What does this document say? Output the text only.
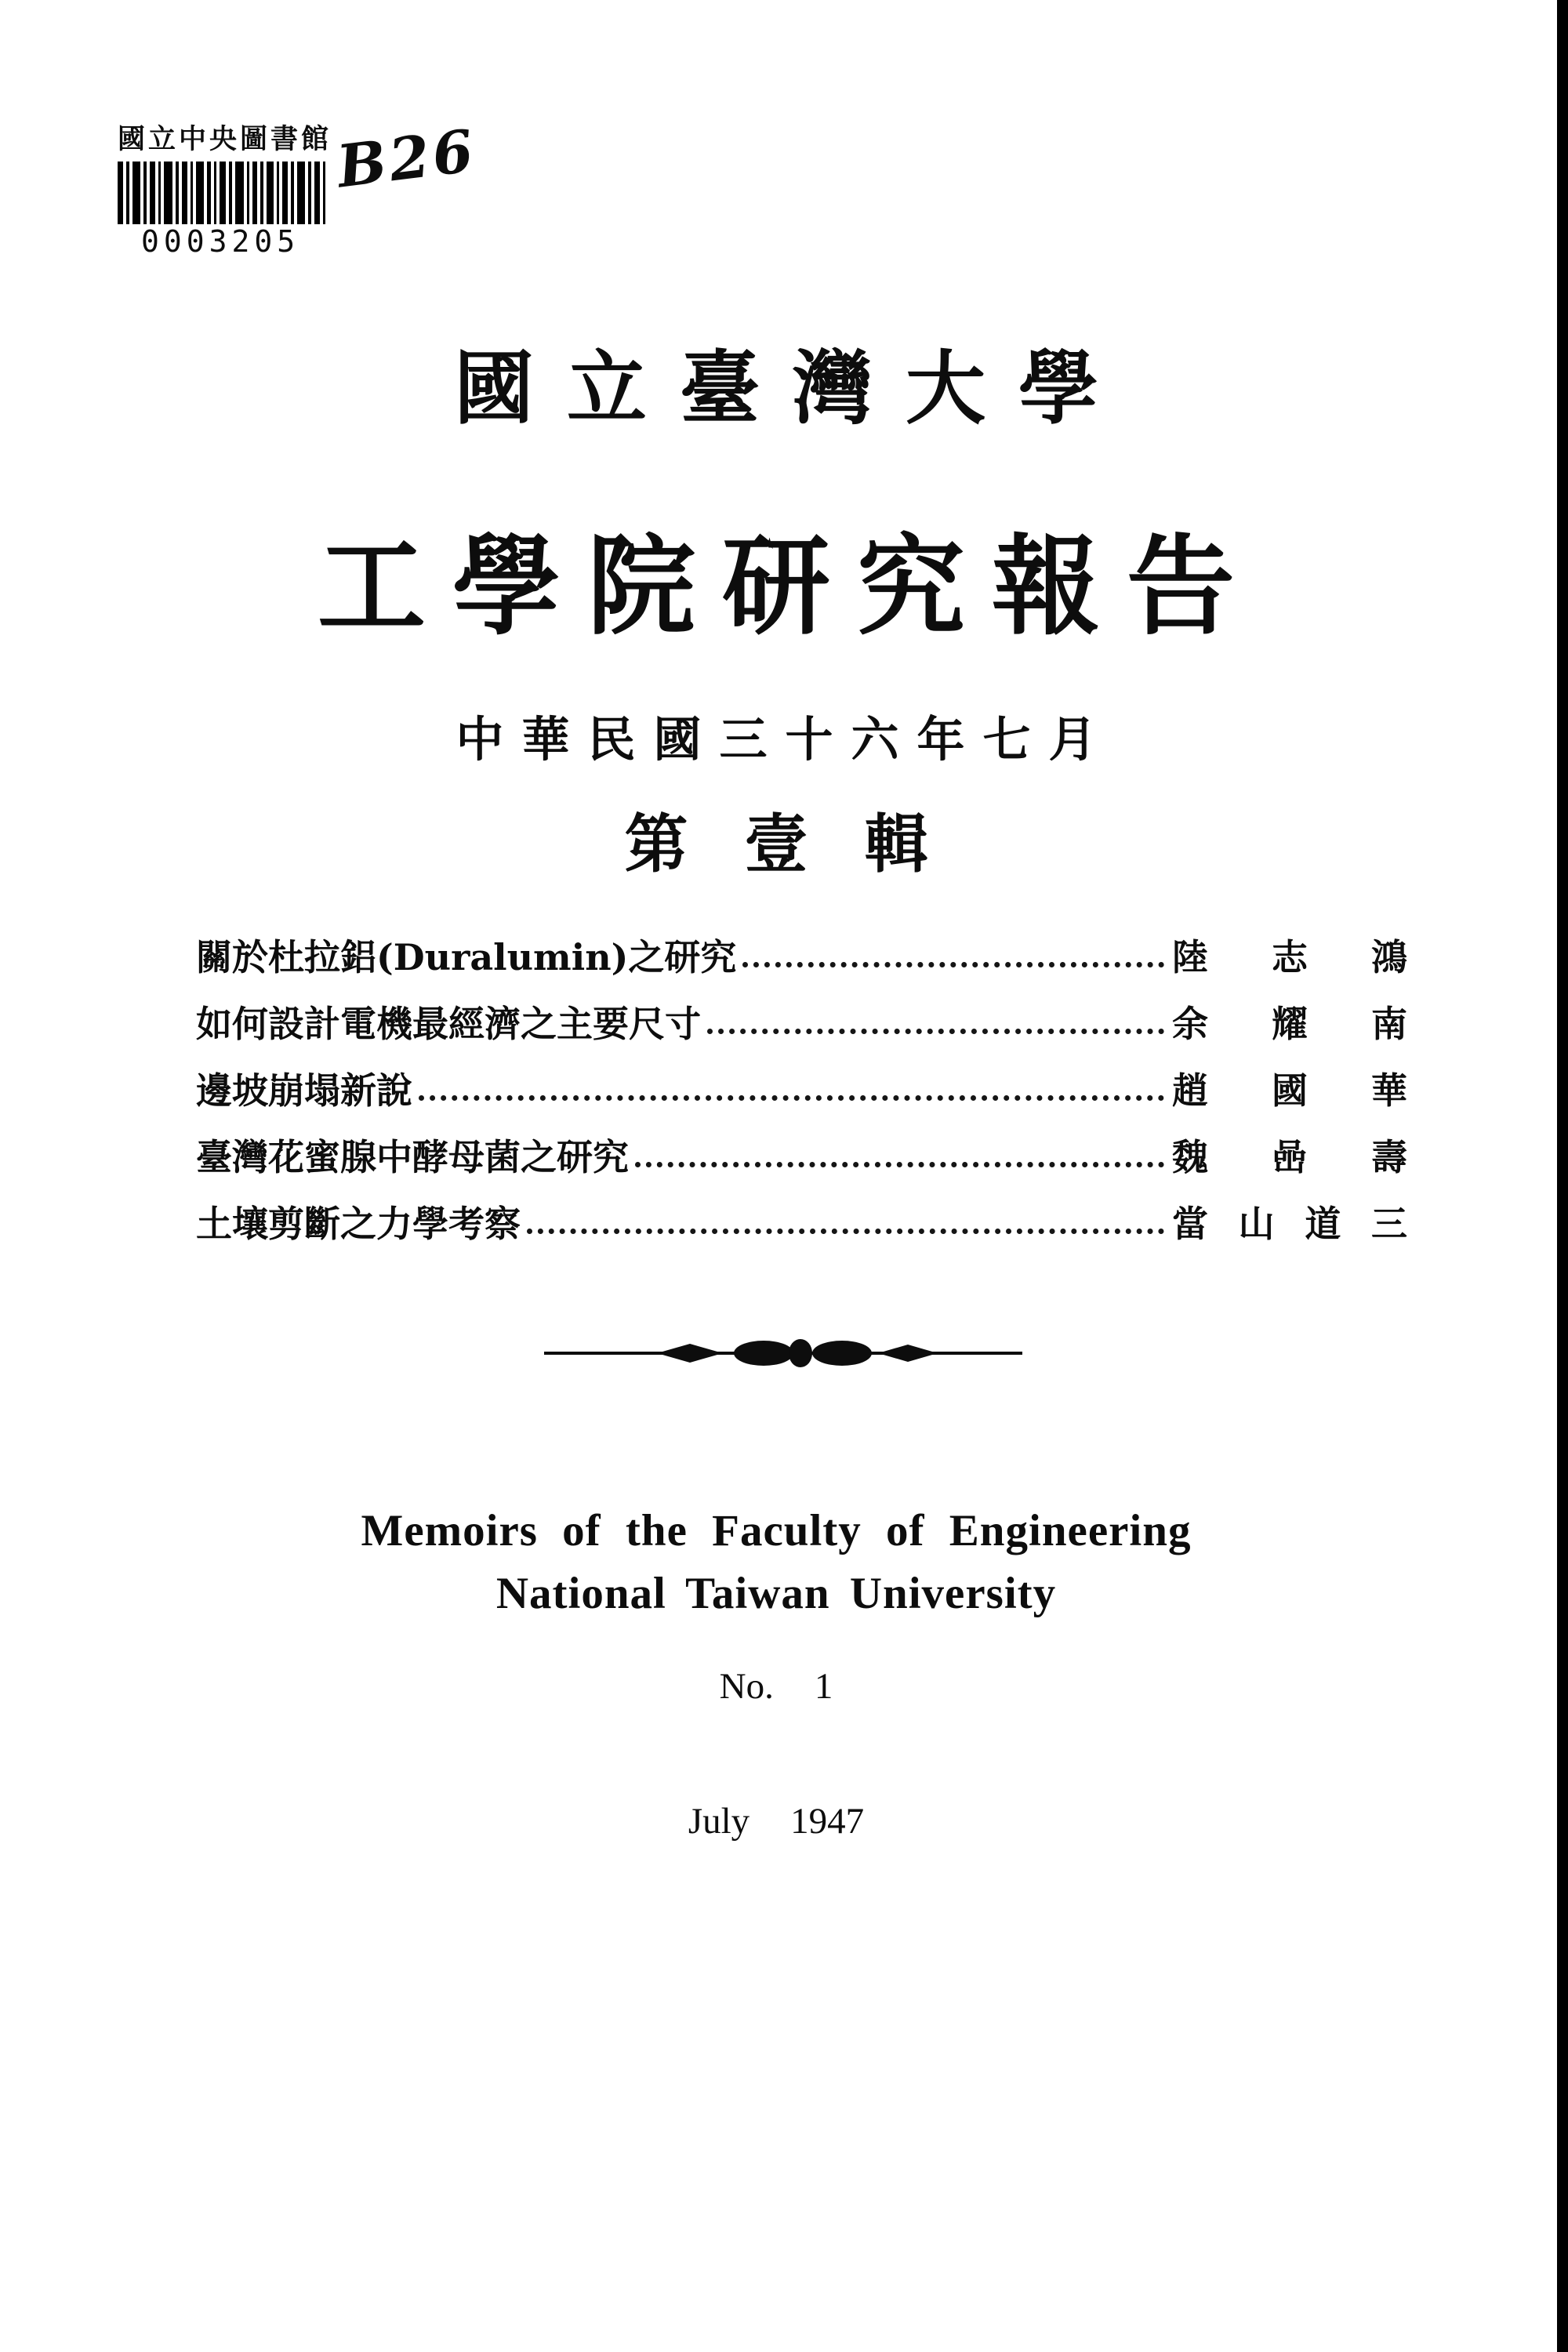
國立中央圖書館
0003205
B26
國立臺灣大學
工學院研究報告
中華民國三十六年七月
第壹輯
關於杜拉鋁(Duralumin)之研究	陸 志 鴻
如何設計電機最經濟之主要尺寸	余 耀 南
邊坡崩塌新說	趙 國 華
臺灣花蜜腺中酵母菌之研究	魏 喦 壽
土壤剪斷之力學考察	當 山 道 三
Memoirs of the Faculty of Engineering
National Taiwan University
No. 1
July 1947
